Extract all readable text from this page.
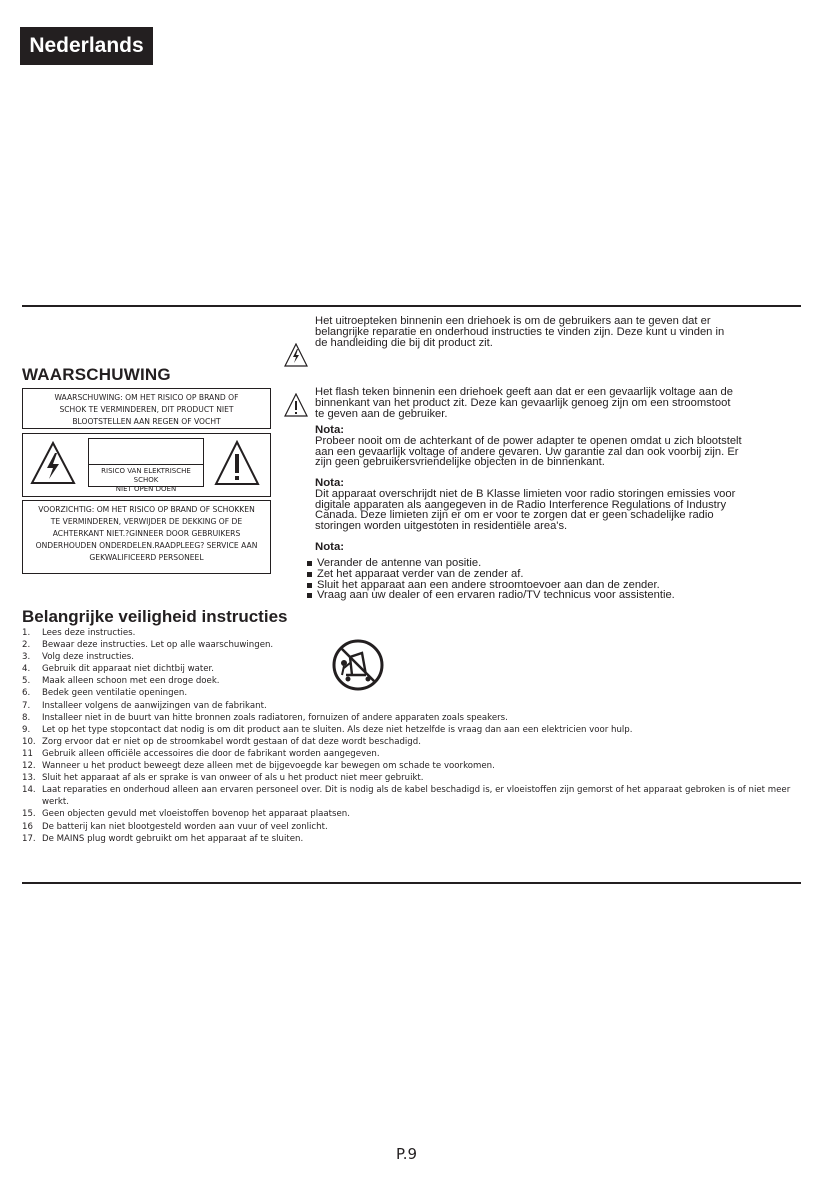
Nederlands
WAARSCHUWING
WAARSCHUWING: OM HET RISICO OP BRAND OF
SCHOK TE VERMINDEREN, DIT PRODUCT NIET
BLOOTSTELLEN AAN REGEN OF VOCHT
RISICO VAN ELEKTRISCHE SCHOK
NIET OPEN DOEN
VOORZICHTIG: OM HET RISICO OP BRAND OF SCHOKKEN
TE VERMINDEREN, VERWIJDER DE DEKKING OF DE
ACHTERKANT NIET.?GINNEER DOOR GEBRUIKERS
ONDERHOUDEN ONDERDELEN.RAADPLEEG? SERVICE AAN
GEKWALIFICEERD PERSONEEL
Het uitroepteken binnenin een driehoek is om de gebruikers aan te geven dat er
belangrijke reparatie en onderhoud instructies te vinden zijn. Deze kunt u vinden in
de handleiding die bij dit product zit.
Het flash teken binnenin een driehoek geeft aan dat er een gevaarlijk voltage aan de
binnenkant van het product zit. Deze kan gevaarlijk genoeg zijn om een stroomstoot
te geven aan de gebruiker.
Nota:
Probeer nooit om de achterkant of de power adapter te openen omdat u zich blootstelt
aan een gevaarlijk voltage of andere gevaren. Uw garantie zal dan ook voorbij zijn. Er
zijn geen gebruikersvriendelijke objecten in de binnenkant.
Nota:
Dit apparaat overschrijdt niet de B Klasse limieten voor radio storingen emissies voor
digitale apparaten als aangegeven in de Radio Interference Regulations of Industry
Canada. Deze limieten zijn er om er voor te zorgen dat er geen schadelijke radio
storingen worden uitgestoten in residentiële area's.
Nota:
Verander de antenne van positie.
Zet het apparaat verder van de zender af.
Sluit het apparaat aan een andere stroomtoevoer aan dan de zender.
Vraag aan uw dealer of een ervaren radio/TV technicus voor assistentie.
Belangrijke veiligheid instructies
1.	Lees deze instructies.
2.	Bewaar deze instructies. Let op alle waarschuwingen.
3.	Volg deze instructies.
4.	Gebruik dit apparaat niet dichtbij water.
5.	Maak alleen schoon met een droge doek.
6.	Bedek geen ventilatie openingen.
7.	Installeer volgens de aanwijzingen van de fabrikant.
8.	Installeer niet in de buurt van hitte bronnen zoals radiatoren, fornuizen of andere apparaten zoals speakers.
9.	Let op het type stopcontact dat nodig is om dit product aan te sluiten. Als deze niet hetzelfde is vraag dan aan een elektricien voor hulp.
10. Zorg ervoor dat er niet op de stroomkabel wordt gestaan of dat deze wordt beschadigd.
11	Gebruik alleen officiële accessoires die door de fabrikant worden aangegeven.
12. Wanneer u het product beweegt deze alleen met de bijgevoegde kar bewegen om schade te voorkomen.
13. Sluit het apparaat af als er sprake is van onweer of als u het product niet meer gebruikt.
14. Laat reparaties en onderhoud alleen aan ervaren personeel over. Dit is nodig als de kabel beschadigd is, er vloeistoffen zijn gemorst of het apparaat gebroken is of niet meer werkt.
15. Geen objecten gevuld met vloeistoffen bovenop het apparaat plaatsen.
16	De batterij kan niet blootgesteld worden aan vuur of veel zonlicht.
17. De MAINS plug wordt gebruikt om het apparaat af te sluiten.
P.9
